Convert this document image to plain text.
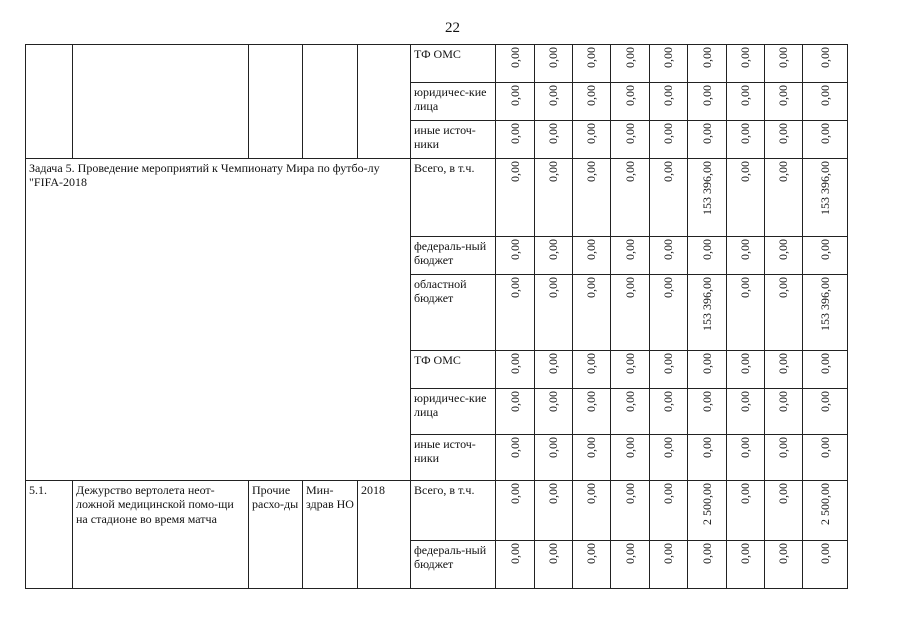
22
					ТФ ОМС	0,00	0,00	0,00	0,00	0,00	0,00	0,00	0,00	0,00
					юридичес-кие лица	0,00	0,00	0,00	0,00	0,00	0,00	0,00	0,00	0,00
					иные источ-ники	0,00	0,00	0,00	0,00	0,00	0,00	0,00	0,00	0,00
Задача 5. Проведение мероприятий к Чемпионату Мира по футбо-лу "FIFA-2018					Всего, в т.ч.	0,00	0,00	0,00	0,00	0,00	153 396,00	0,00	0,00	153 396,00
					федераль-ный бюджет	0,00	0,00	0,00	0,00	0,00	0,00	0,00	0,00	0,00
					областной бюджет	0,00	0,00	0,00	0,00	0,00	153 396,00	0,00	0,00	153 396,00
					ТФ ОМС	0,00	0,00	0,00	0,00	0,00	0,00	0,00	0,00	0,00
					юридичес-кие лица	0,00	0,00	0,00	0,00	0,00	0,00	0,00	0,00	0,00
					иные источ-ники	0,00	0,00	0,00	0,00	0,00	0,00	0,00	0,00	0,00
5.1.	Дежурство вертолета неот-ложной медицинской помо-щи на стадионе во время матча	Прочие расхо-ды	Мин-здрав НО	2018	Всего, в т.ч.	0,00	0,00	0,00	0,00	0,00	2 500,00	0,00	0,00	2 500,00
					федераль-ный бюджет	0,00	0,00	0,00	0,00	0,00	0,00	0,00	0,00	0,00
